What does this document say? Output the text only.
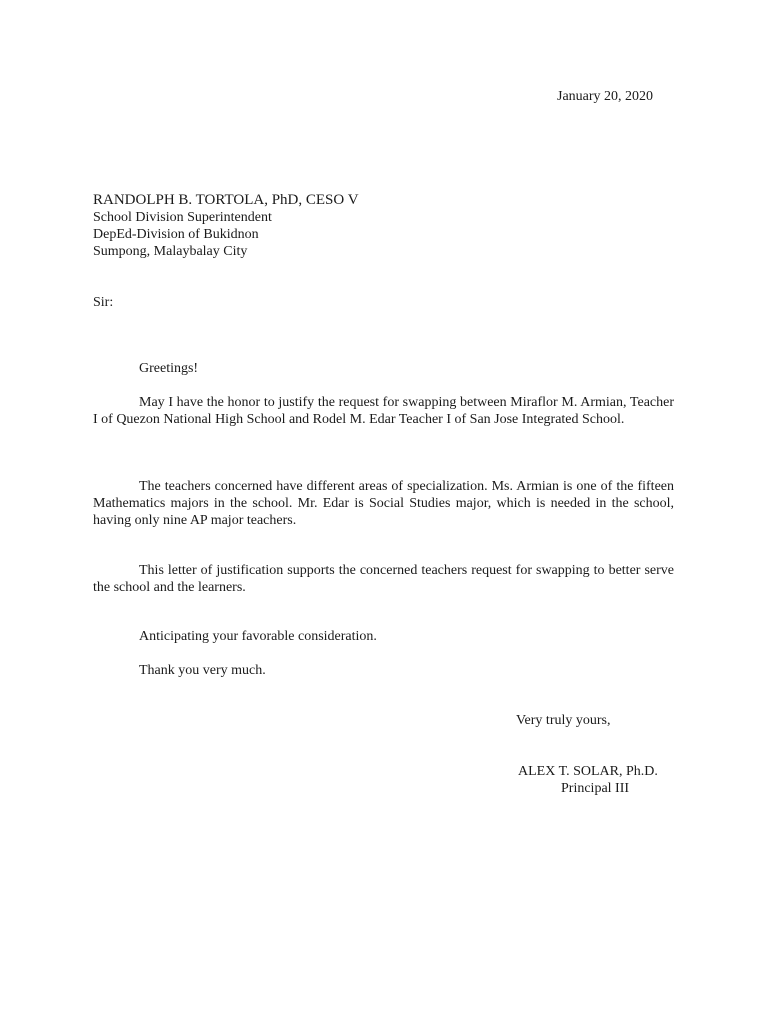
January 20, 2020

RANDOLPH B. TORTOLA, PhD, CESO V

School Division Superintendent

DepEd-Division of Bukidnon

Sumpong, Malaybalay City

Sir:

Greetings!

May I have the honor to justify the request for swapping between Miraflor M. Armian, Teacher I of Quezon National High School and Rodel M. Edar Teacher I of San Jose Integrated School.

The teachers concerned have different areas of specialization. Ms. Armian is one of the fifteen Mathematics majors in the school. Mr. Edar is Social Studies major, which is needed in the school, having only nine AP major teachers.

This letter of justification supports the concerned teachers request for swapping to better serve the school and the learners.

Anticipating your favorable consideration.

Thank you very much.

Very truly yours,

ALEX T. SOLAR, Ph.D.

Principal III
